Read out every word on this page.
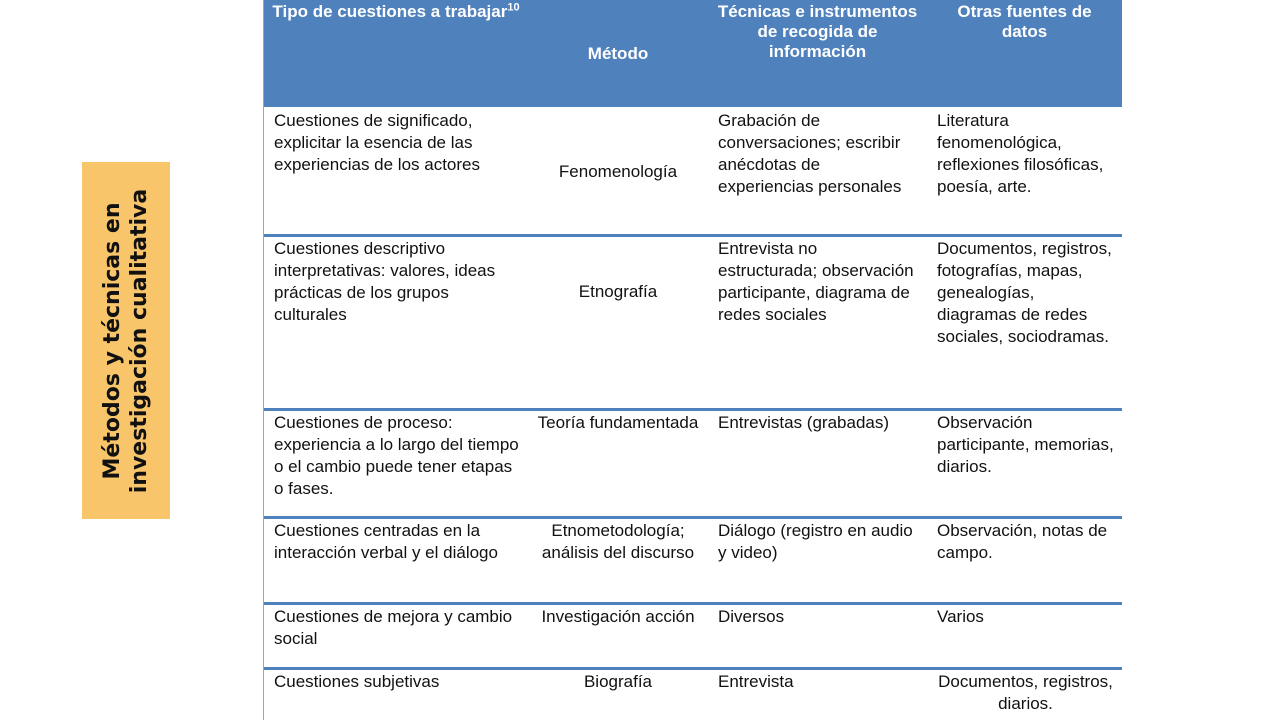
Métodos y técnicas en investigación cualitativa
Tipo de cuestiones a trabajar$^{10}$	Método	Técnicas e instrumentos de recogida de información	Otras fuentes de datos
Cuestiones de significado, explicitar la esencia de las experiencias de los actores	Fenomenología	Grabación de conversaciones; escribir anécdotas de experiencias personales	Literatura fenomenológica, reflexiones filosóficas, poesía, arte.
Cuestiones descriptivo interpretativas: valores, ideas prácticas de los grupos culturales	Etnografía	Entrevista no estructurada; observación participante, diagrama de redes sociales	Documentos, registros, fotografías, mapas, genealogías, diagramas de redes sociales, sociodramas.
Cuestiones de proceso: experiencia a lo largo del tiempo o el cambio puede tener etapas o fases.	Teoría fundamentada	Entrevistas (grabadas)	Observación participante, memorias, diarios.
Cuestiones centradas en la interacción verbal y el diálogo	Etnometodología; análisis del discurso	Diálogo (registro en audio y video)	Observación, notas de campo.
Cuestiones de mejora y cambio social	Investigación acción	Diversos	Varios
Cuestiones subjetivas	Biografía	Entrevista	Documentos, registros, diarios.
